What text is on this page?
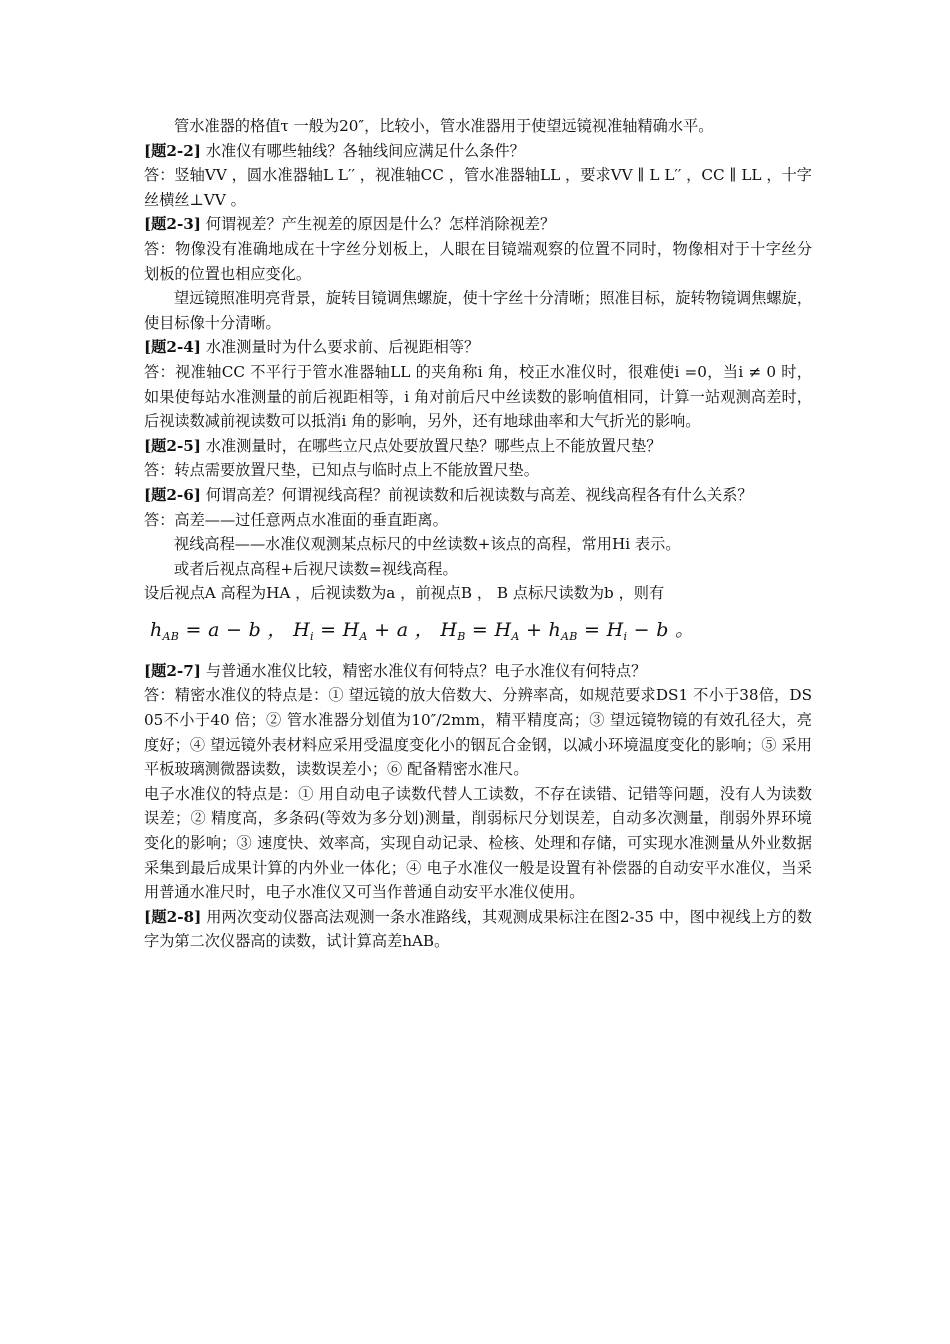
管水准器的格值τ 一般为20″，比较小，管水准器用于使望远镜视准轴精确水平。

[题2-2] 水准仪有哪些轴线？各轴线间应满足什么条件？

答：竖轴VV ，圆水准器轴L L′′ ，视准轴CC ，管水准器轴LL ，要求VV ∥ L L′′ ，CC ∥ LL ，十字丝横丝⊥VV 。

[题2-3] 何谓视差？产生视差的原因是什么？怎样消除视差？

答：物像没有准确地成在十字丝分划板上，人眼在目镜端观察的位置不同时，物像相对于十字丝分划板的位置也相应变化。

望远镜照准明亮背景，旋转目镜调焦螺旋，使十字丝十分清晰；照准目标，旋转物镜调焦螺旋，使目标像十分清晰。

[题2-4] 水准测量时为什么要求前、后视距相等？

答：视准轴CC 不平行于管水准器轴LL 的夹角称i 角，校正水准仪时，很难使i =0，当i ≠ 0 时，如果使每站水准测量的前后视距相等，i 角对前后尺中丝读数的影响值相同，计算一站观测高差时，后视读数减前视读数可以抵消i 角的影响，另外，还有地球曲率和大气折光的影响。

[题2-5] 水准测量时，在哪些立尺点处要放置尺垫？哪些点上不能放置尺垫？

答：转点需要放置尺垫，已知点与临时点上不能放置尺垫。

[题2-6] 何谓高差？何谓视线高程？前视读数和后视读数与高差、视线高程各有什么关系？

答：高差——过任意两点水准面的垂直距离。

视线高程——水准仪观测某点标尺的中丝读数+该点的高程，常用Hi 表示。

或者后视点高程+后视尺读数=视线高程。

设后视点A 高程为HA ，后视读数为a ，前视点B ， B 点标尺读数为b ，则有

$h_{AB} = a - b$ ， $H_i = H_A + a$ ， $H_B = H_A + h_{AB} = H_i - b$ 。

[题2-7] 与普通水准仪比较，精密水准仪有何特点？电子水准仪有何特点？

答：精密水准仪的特点是：① 望远镜的放大倍数大、分辨率高，如规范要求DS1 不小于38倍，DS05不小于40 倍；② 管水准器分划值为10″/2mm，精平精度高；③ 望远镜物镜的有效孔径大，亮度好；④ 望远镜外表材料应采用受温度变化小的铟瓦合金钢，以减小环境温度变化的影响；⑤ 采用平板玻璃测微器读数，读数误差小；⑥ 配备精密水准尺。

电子水准仪的特点是：① 用自动电子读数代替人工读数，不存在读错、记错等问题，没有人为读数误差；② 精度高，多条码(等效为多分划)测量，削弱标尺分划误差，自动多次测量，削弱外界环境变化的影响；③ 速度快、效率高，实现自动记录、检核、处理和存储，可实现水准测量从外业数据采集到最后成果计算的内外业一体化；④ 电子水准仪一般是设置有补偿器的自动安平水准仪，当采用普通水准尺时，电子水准仪又可当作普通自动安平水准仪使用。

[题2-8] 用两次变动仪器高法观测一条水准路线，其观测成果标注在图2-35 中，图中视线上方的数字为第二次仪器高的读数，试计算高差hAB。
